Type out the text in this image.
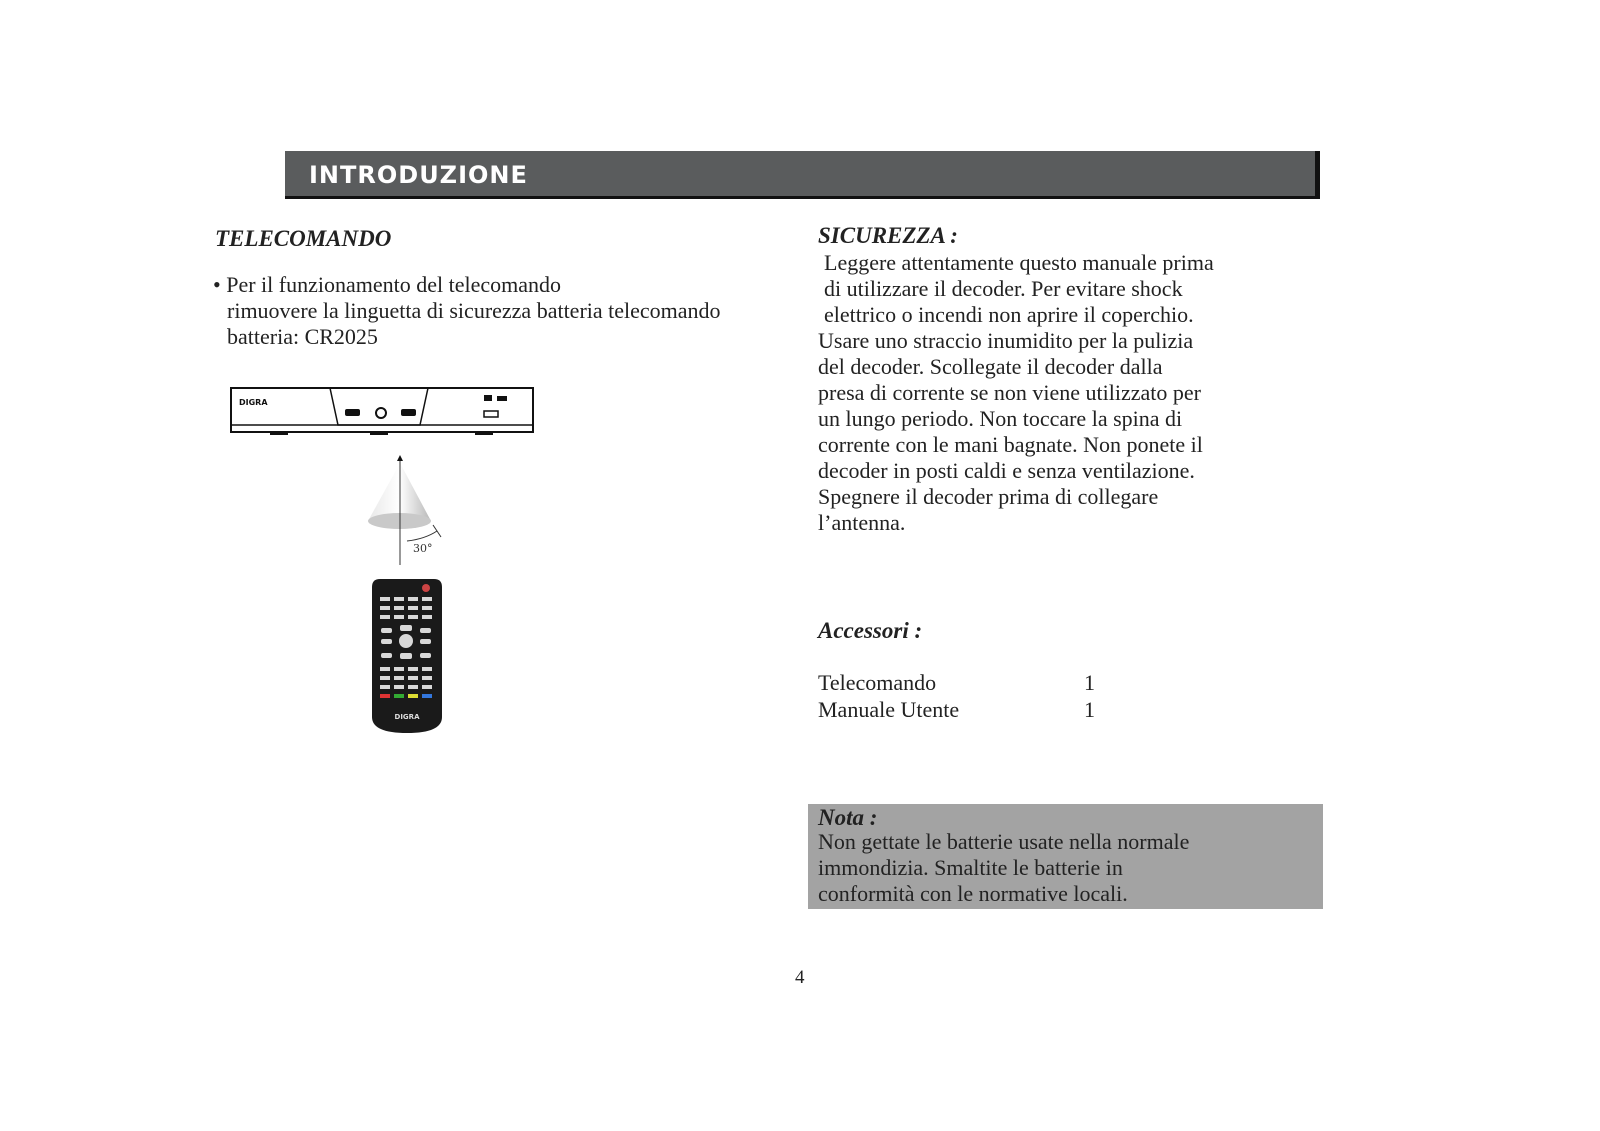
INTRODUZIONE
TELECOMANDO
• Per il funzionamento del telecomando
rimuovere la linguetta di sicurezza batteria telecomando
batteria: CR2025
DIGRA
30°
DIGRA
SICUREZZA :
Leggere attentamente questo manuale prima
di utilizzare il decoder. Per evitare shock
elettrico o incendi non aprire il coperchio.
Usare uno straccio inumidito per la pulizia
del decoder. Scollegate il decoder dalla
presa di corrente se non viene utilizzato per
un lungo periodo. Non toccare la spina di
corrente con le mani bagnate. Non ponete il
decoder in posti caldi e senza ventilazione.
Spegnere il decoder prima di collegare
l’antenna.
Accessori :
Telecomando	1
Manuale Utente	1
Nota :
Non gettate le batterie usate nella normale
immondizia. Smaltite le batterie in
conformità con le normative locali.
4
